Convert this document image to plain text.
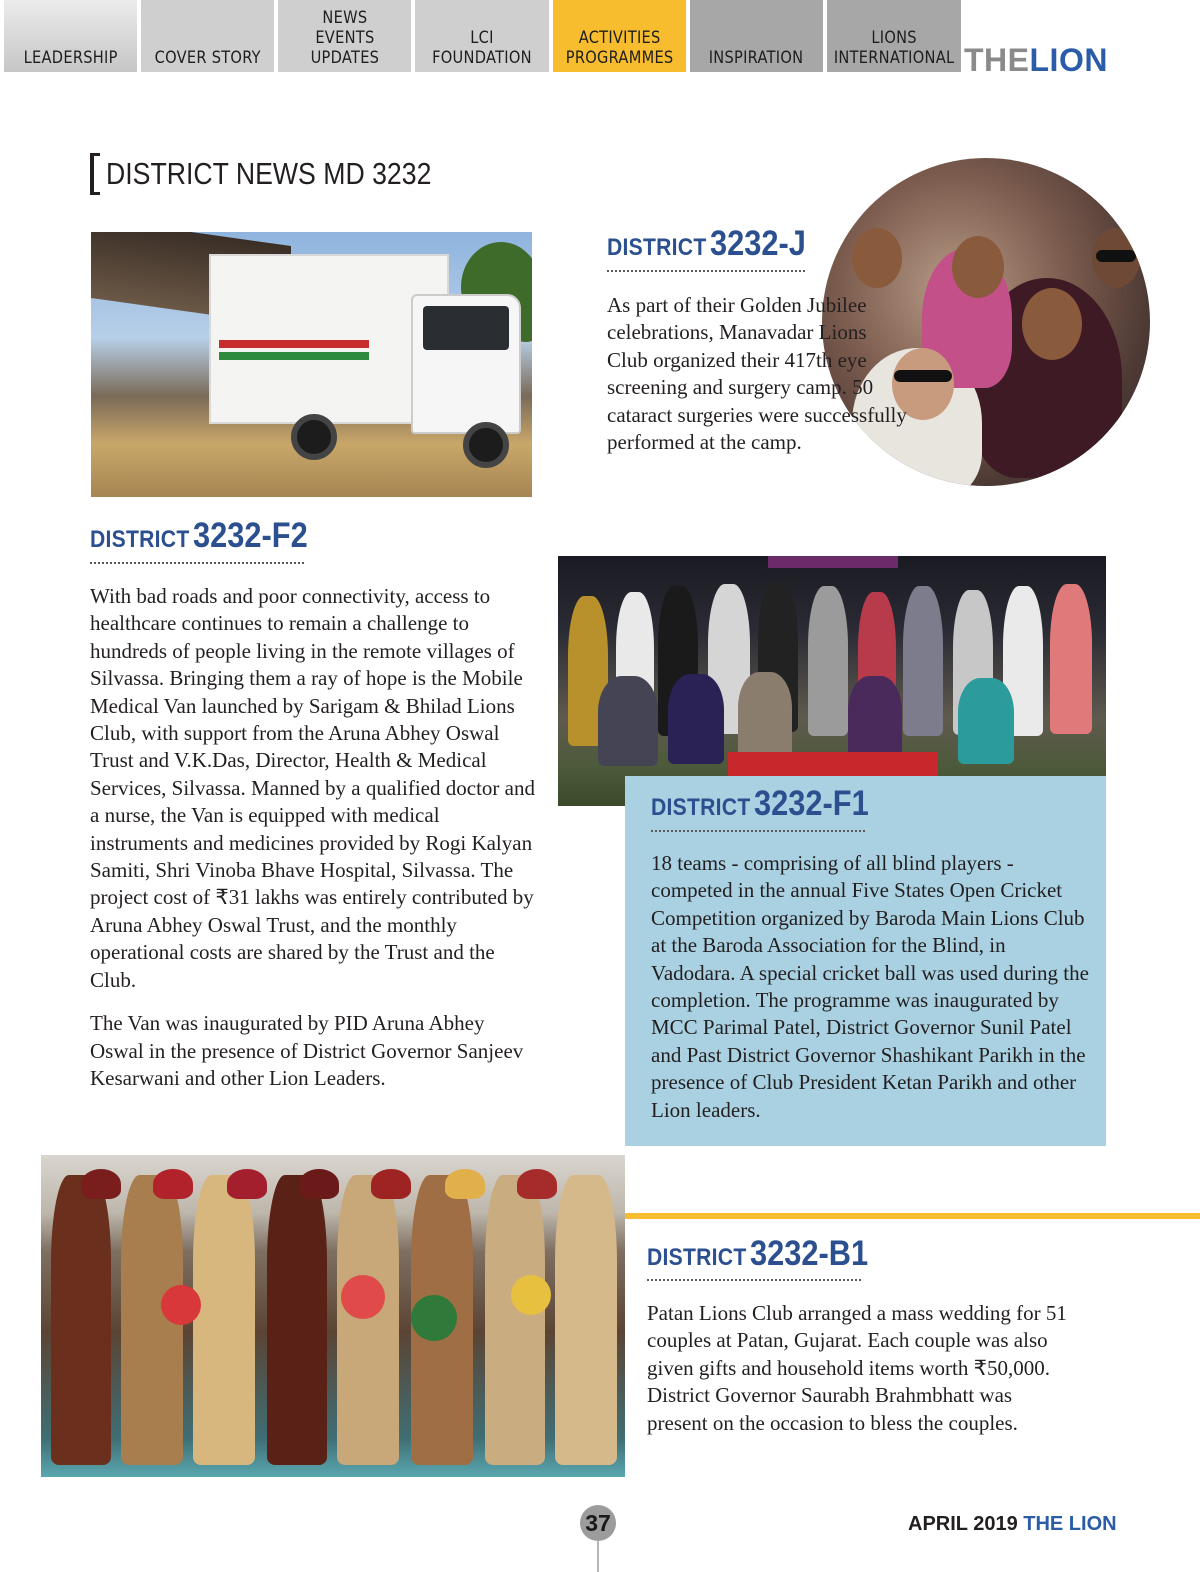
LEADERSHIP COVER STORY
NEWS
EVENTS
UPDATES
LCI
FOUNDATION
ACTIVITIES
PROGRAMMES INSPIRATION
LIONS
INTERNATIONAL THELION
DISTRICT NEWS MD 3232
DISTRICT 3232-J

As part of their Golden Jubilee celebrations, Manavadar Lions Club organized their 417th eye screening and surgery camp. 50 cataract surgeries were successfully performed at the camp.

DISTRICT 3232-F2

With bad roads and poor connectivity, access to healthcare continues to remain a challenge to hundreds of people living in the remote villages of Silvassa. Bringing them a ray of hope is the Mobile Medical Van launched by Sarigam & Bhilad Lions Club, with support from the Aruna Abhey Oswal Trust and V.K.Das, Director, Health & Medical Services, Silvassa. Manned by a qualified doctor and a nurse, the Van is equipped with medical instruments and medicines provided by Rogi Kalyan Samiti, Shri Vinoba Bhave Hospital, Silvassa. The project cost of ₹31 lakhs was entirely contributed by Aruna Abhey Oswal Trust, and the monthly operational costs are shared by the Trust and the Club.

The Van was inaugurated by PID Aruna Abhey Oswal in the presence of District Governor Sanjeev Kesarwani and other Lion Leaders.

DISTRICT 3232-F1

18 teams - comprising of all blind players - competed in the annual Five States Open Cricket Competition organized by Baroda Main Lions Club at the Baroda Association for the Blind, in Vadodara. A special cricket ball was used during the completion. The programme was inaugurated by MCC Parimal Patel, District Governor Sunil Patel and Past District Governor Shashikant Parikh in the presence of Club President Ketan Parikh and other Lion leaders.

DISTRICT 3232-B1

Patan Lions Club arranged a mass wedding for 51 couples at Patan, Gujarat. Each couple was also given gifts and household items worth ₹50,000. District Governor Saurabh Brahmbhatt was present on the occasion to bless the couples.

37	APRIL 2019 THE LION
